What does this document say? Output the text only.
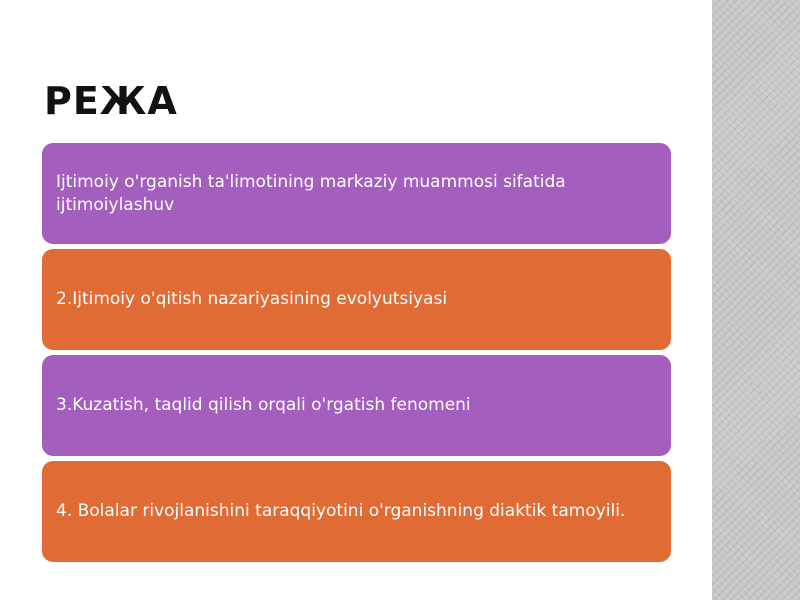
РЕЖА
Ijtimoiy o'rganish ta'limotining markaziy muammosi sifatida ijtimoiylashuv
2.Ijtimoiy o'qitish nazariyasining evolyutsiyasi
3.Kuzatish, taqlid qilish orqali o'rgatish fenomeni
4. Bolalar rivojlanishini taraqqiyotini o'rganishning diaktik tamoyili.
